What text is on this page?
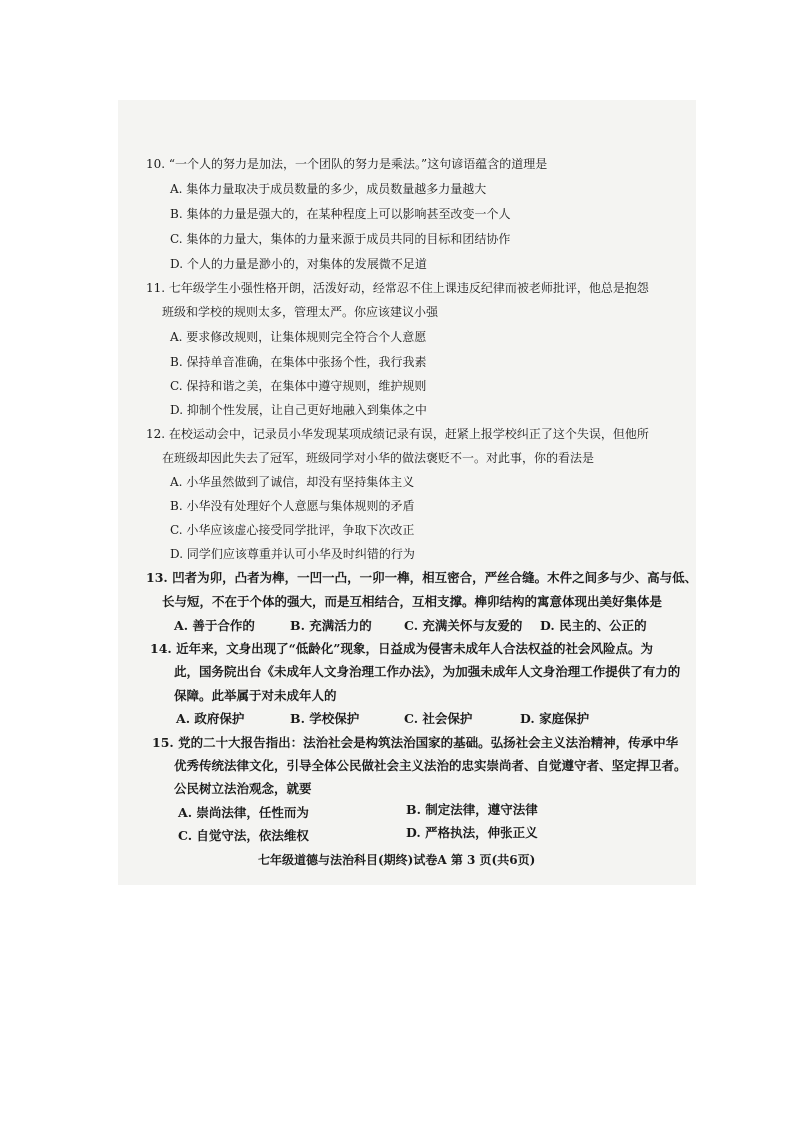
10. “一个人的努力是加法，一个团队的努力是乘法。”这句谚语蕴含的道理是
A. 集体力量取决于成员数量的多少，成员数量越多力量越大
B. 集体的力量是强大的，在某种程度上可以影响甚至改变一个人
C. 集体的力量大，集体的力量来源于成员共同的目标和团结协作
D. 个人的力量是渺小的，对集体的发展微不足道
11. 七年级学生小强性格开朗，活泼好动，经常忍不住上课违反纪律而被老师批评，他总是抱怨
班级和学校的规则太多，管理太严。你应该建议小强
A. 要求修改规则，让集体规则完全符合个人意愿
B. 保持单音准确，在集体中张扬个性，我行我素
C. 保持和谐之美，在集体中遵守规则，维护规则
D. 抑制个性发展，让自己更好地融入到集体之中
12. 在校运动会中，记录员小华发现某项成绩记录有误，赶紧上报学校纠正了这个失误，但他所
在班级却因此失去了冠军，班级同学对小华的做法褒贬不一。对此事，你的看法是
A. 小华虽然做到了诚信，却没有坚持集体主义
B. 小华没有处理好个人意愿与集体规则的矛盾
C. 小华应该虚心接受同学批评，争取下次改正
D. 同学们应该尊重并认可小华及时纠错的行为
13. 凹者为卯，凸者为榫，一凹一凸，一卯一榫，相互密合，严丝合缝。木件之间多与少、高与低、
长与短，不在于个体的强大，而是互相结合，互相支撑。榫卯结构的寓意体现出美好集体是
A. 善于合作的	B. 充满活力的	C. 充满关怀与友爱的 D. 民主的、公正的
14. 近年来，文身出现了“低龄化”现象，日益成为侵害未成年人合法权益的社会风险点。为
此，国务院出台《未成年人文身治理工作办法》，为加强未成年人文身治理工作提供了有力的
保障。此举属于对未成年人的
A. 政府保护	B. 学校保护	C. 社会保护	D. 家庭保护
15. 党的二十大报告指出：法治社会是构筑法治国家的基础。弘扬社会主义法治精神，传承中华
优秀传统法律文化，引导全体公民做社会主义法治的忠实崇尚者、自觉遵守者、坚定捍卫者。
公民树立法治观念，就要
A. 崇尚法律，任性而为	B. 制定法律，遵守法律
C. 自觉守法，依法维权	D. 严格执法，伸张正义
七年级道德与法治科目(期终)试卷A 第 3 页(共6页)
